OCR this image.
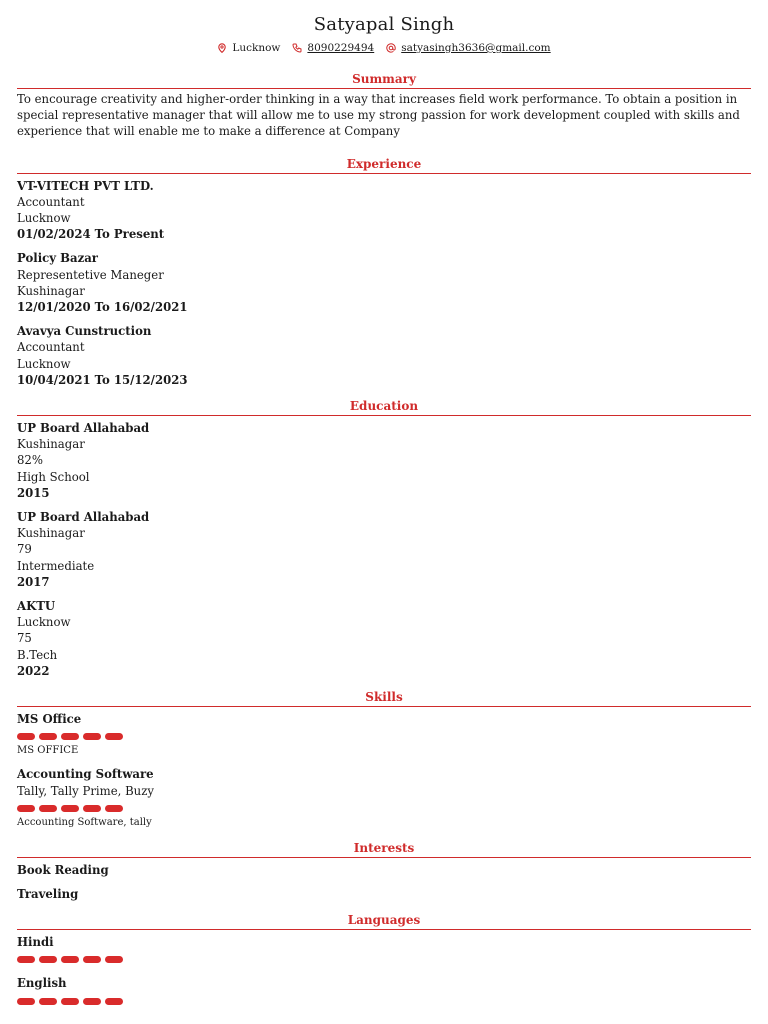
Satyapal Singh
Lucknow	8090229494	satyasingh3636@gmail.com
Summary

To encourage creativity and higher-order thinking in a way that increases field work performance. To obtain a position in special representative manager that will allow me to use my strong passion for work development coupled with skills and experience that will enable me to make a difference at Company

Experience
VT-VITECH PVT LTD.
Accountant
Lucknow
01/02/2024 To Present
Policy Bazar
Representetive Maneger
Kushinagar
12/01/2020 To 16/02/2021
Avavya Cunstruction
Accountant
Lucknow
10/04/2021 To 15/12/2023
Education
UP Board Allahabad
Kushinagar
82%
High School
2015
UP Board Allahabad
Kushinagar
79
Intermediate
2017
AKTU
Lucknow
75
B.Tech
2022
Skills
MS Office
MS OFFICE
Accounting Software
Tally, Tally Prime, Buzy
Accounting Software, tally
Interests
Book Reading
Traveling
Languages
Hindi
English
